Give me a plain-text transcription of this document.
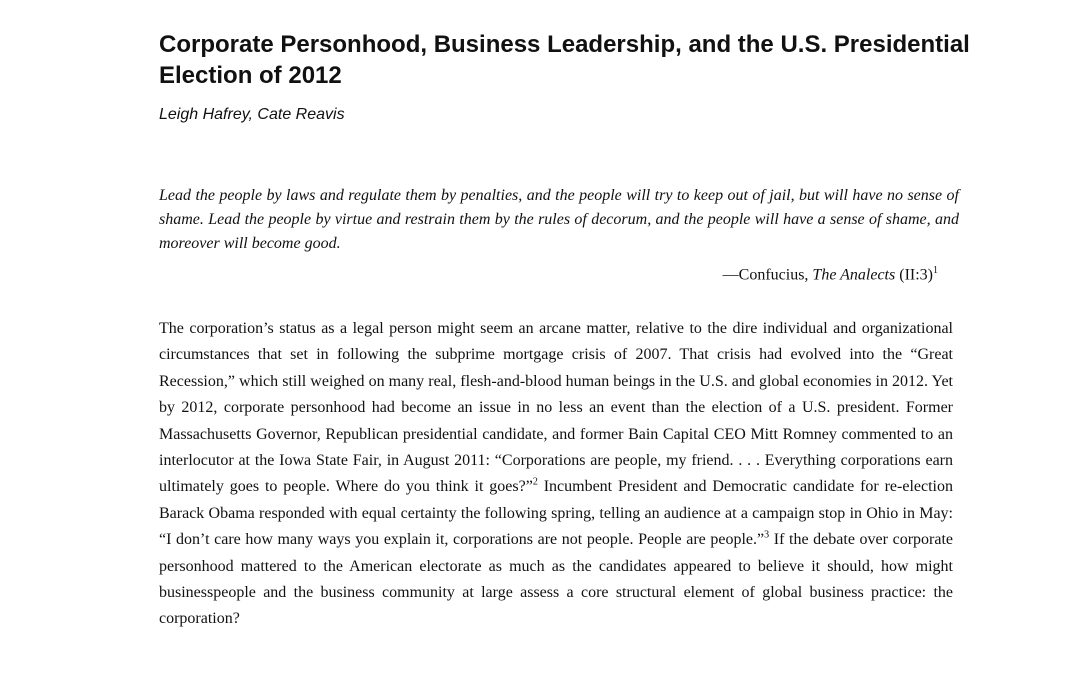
Corporate Personhood, Business Leadership, and the U.S. Presidential Election of 2012

Leigh Hafrey, Cate Reavis

Lead the people by laws and regulate them by penalties, and the people will try to keep out of jail, but will have no sense of shame. Lead the people by virtue and restrain them by the rules of decorum, and the people will have a sense of shame, and moreover will become good.

—Confucius, The Analects (II:3)$^1$

The corporation’s status as a legal person might seem an arcane matter, relative to the dire individual and organizational circumstances that set in following the subprime mortgage crisis of 2007. That crisis had evolved into the “Great Recession,” which still weighed on many real, flesh-and-blood human beings in the U.S. and global economies in 2012. Yet by 2012, corporate personhood had become an issue in no less an event than the election of a U.S. president. Former Massachusetts Governor, Republican presidential candidate, and former Bain Capital CEO Mitt Romney commented to an interlocutor at the Iowa State Fair, in August 2011: “Corporations are people, my friend. . . . Everything corporations earn ultimately goes to people. Where do you think it goes?”$^2$ Incumbent President and Democratic candidate for re-election Barack Obama responded with equal certainty the following spring, telling an audience at a campaign stop in Ohio in May: “I don’t care how many ways you explain it, corporations are not people. People are people.”$^3$ If the debate over corporate personhood mattered to the American electorate as much as the candidates appeared to believe it should, how might businesspeople and the business community at large assess a core structural element of global business practice: the corporation?
